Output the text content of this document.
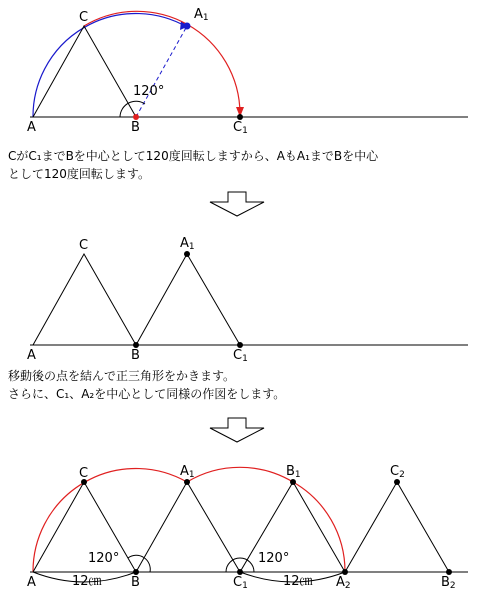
120°
C	A1
A	B	C1
CがC₁までBを中心として120度回転しますから、AもA₁までBを中心
として120度回転します。
C	A1
A	B	C1
移動後の点を結んで正三角形をかきます。
さらに、C₁、A₂を中心として同様の作図をします。
120°	120°
12㎝	12㎝
C	A1	B1	C2
A	B	C1	A2	B2
